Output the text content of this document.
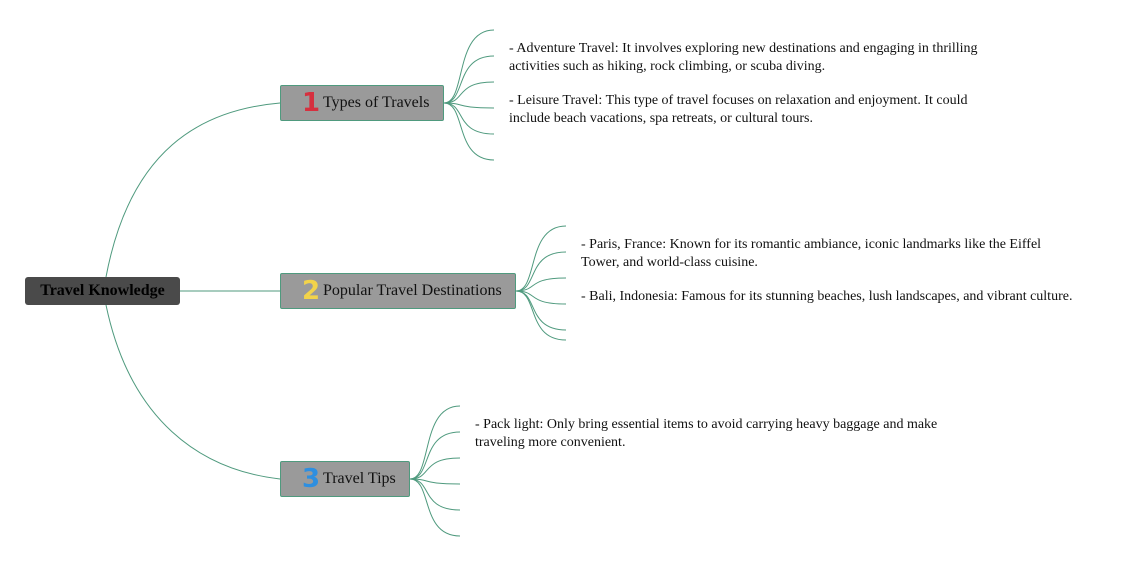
Travel Knowledge
1 Types of Travels
2 Popular Travel Destinations
3 Travel Tips
- Adventure Travel: It involves exploring new destinations and engaging in thrilling activities such as hiking, rock climbing, or scuba diving.
- Leisure Travel: This type of travel focuses on relaxation and enjoyment. It could include beach vacations, spa retreats, or cultural tours.
- Paris, France: Known for its romantic ambiance, iconic landmarks like the Eiffel Tower, and world-class cuisine.
- Bali, Indonesia: Famous for its stunning beaches, lush landscapes, and vibrant culture.
- Pack light: Only bring essential items to avoid carrying heavy baggage and make traveling more convenient.
